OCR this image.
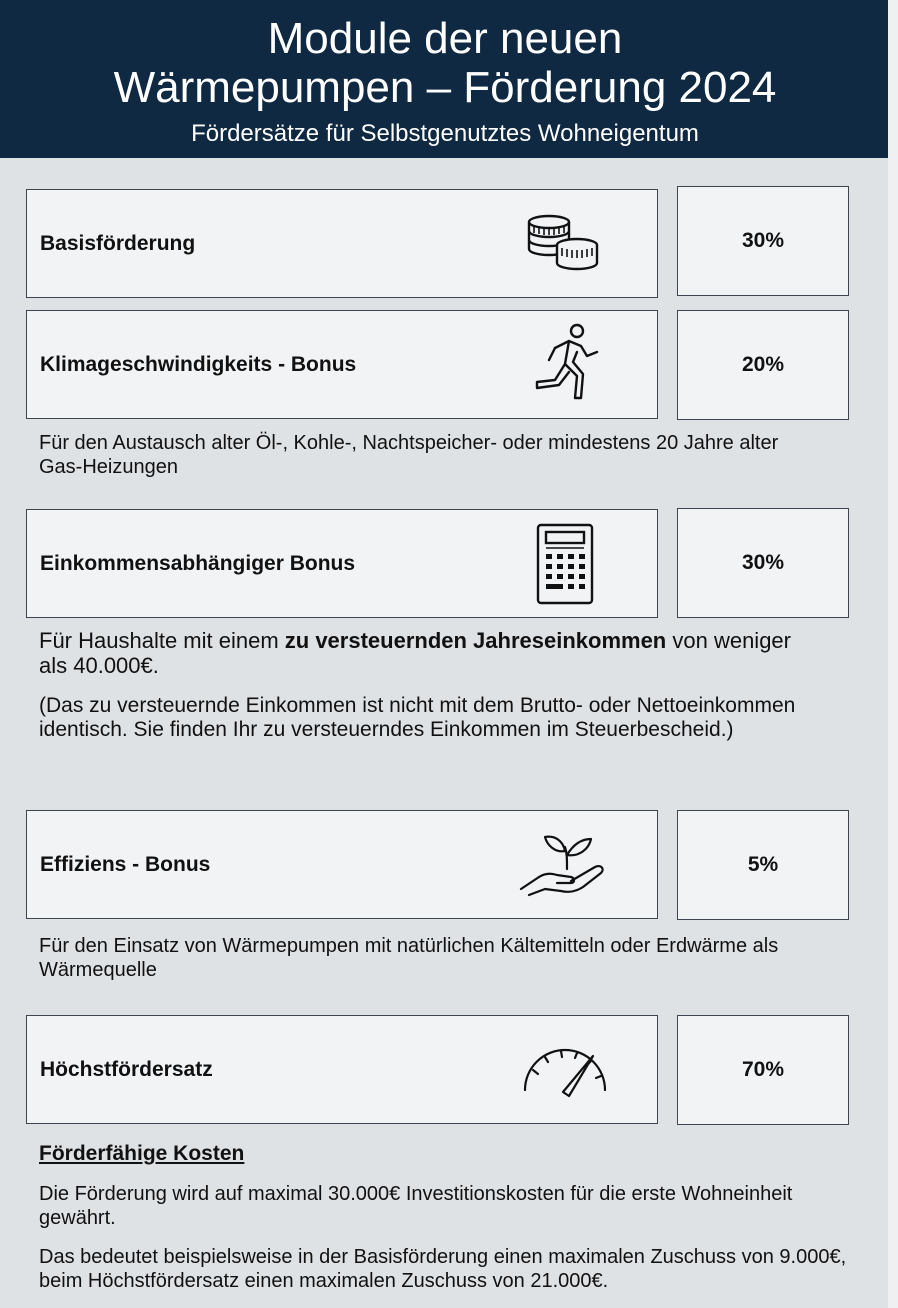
Module der neuen
Wärmepumpen – Förderung 2024
Fördersätze für Selbstgenutztes Wohneigentum
Basisförderung	30%
Klimageschwindigkeits - Bonus	20%
Für den Austausch alter Öl-, Kohle-, Nachtspeicher- oder mindestens 20 Jahre alter Gas-Heizungen
Einkommensabhängiger Bonus	30%
Für Haushalte mit einem zu versteuernden Jahreseinkommen von weniger als 40.000€.
(Das zu versteuernde Einkommen ist nicht mit dem Brutto- oder Nettoeinkommen identisch. Sie finden Ihr zu versteuerndes Einkommen im Steuerbescheid.)
Effiziens - Bonus	5%
Für den Einsatz von Wärmepumpen mit natürlichen Kältemitteln oder Erdwärme als Wärmequelle
Höchstfördersatz	70%
Förderfähige Kosten
Die Förderung wird auf maximal 30.000€ Investitionskosten für die erste Wohneinheit gewährt.
Das bedeutet beispielsweise in der Basisförderung einen maximalen Zuschuss von 9.000€, beim Höchstfördersatz einen maximalen Zuschuss von 21.000€.
